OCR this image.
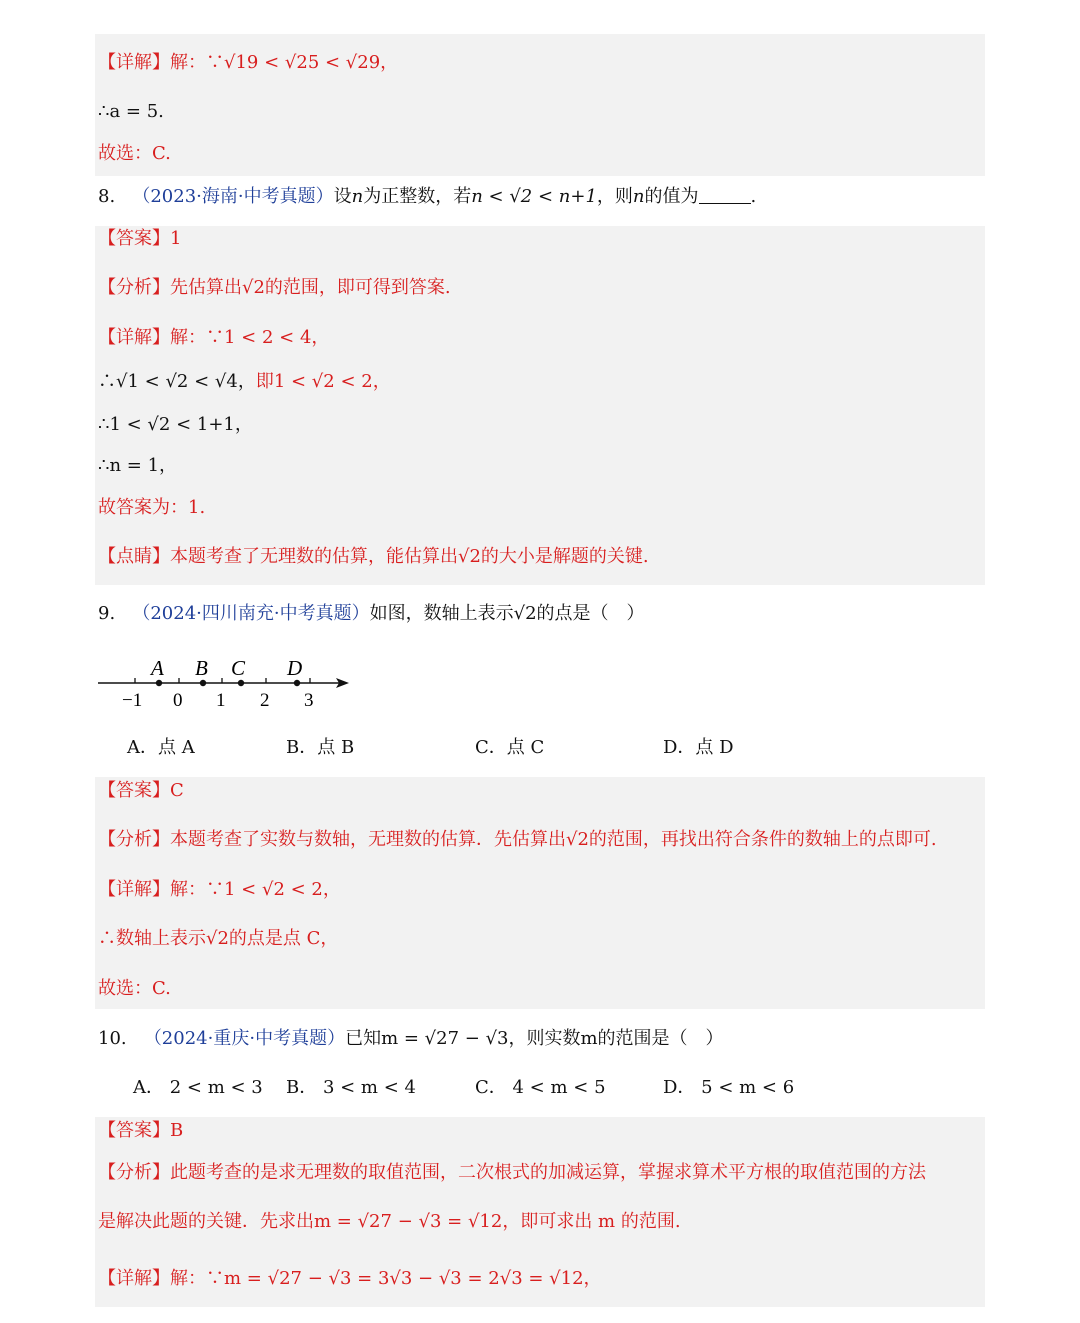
【详解】解：∵√19 < √25 < √29，
∴a = 5.
故选：C.
8. （2023·海南·中考真题）设n为正整数，若n < √2 < n+1，则n的值为	.
【答案】1
【分析】先估算出√2的范围，即可得到答案.
【详解】解：∵1 < 2 < 4，
∴√1 < √2 < √4，即1 < √2 < 2，
∴1 < √2 < 1+1，
∴n = 1，
故答案为：1.
【点睛】本题考查了无理数的估算，能估算出√2的大小是解题的关键.
9. （2024·四川南充·中考真题）如图，数轴上表示√2的点是（　）
A B C D
−1 0 1 2 3
A．点 A	B．点 B	C．点 C	D．点 D
【答案】C
【分析】本题考查了实数与数轴，无理数的估算．先估算出√2的范围，再找出符合条件的数轴上的点即可.
【详解】解：∵1 < √2 < 2，
∴数轴上表示√2的点是点 C，
故选：C.
10. （2024·重庆·中考真题）已知m = √27 − √3，则实数m的范围是（　）
A． 2 < m < 3 B． 3 < m < 4	C． 4 < m < 5	D． 5 < m < 6
【答案】B
【分析】此题考查的是求无理数的取值范围，二次根式的加减运算，掌握求算术平方根的取值范围的方法
是解决此题的关键．先求出m = √27 − √3 = √12，即可求出 m 的范围.
【详解】解：∵m = √27 − √3 = 3√3 − √3 = 2√3 = √12，
